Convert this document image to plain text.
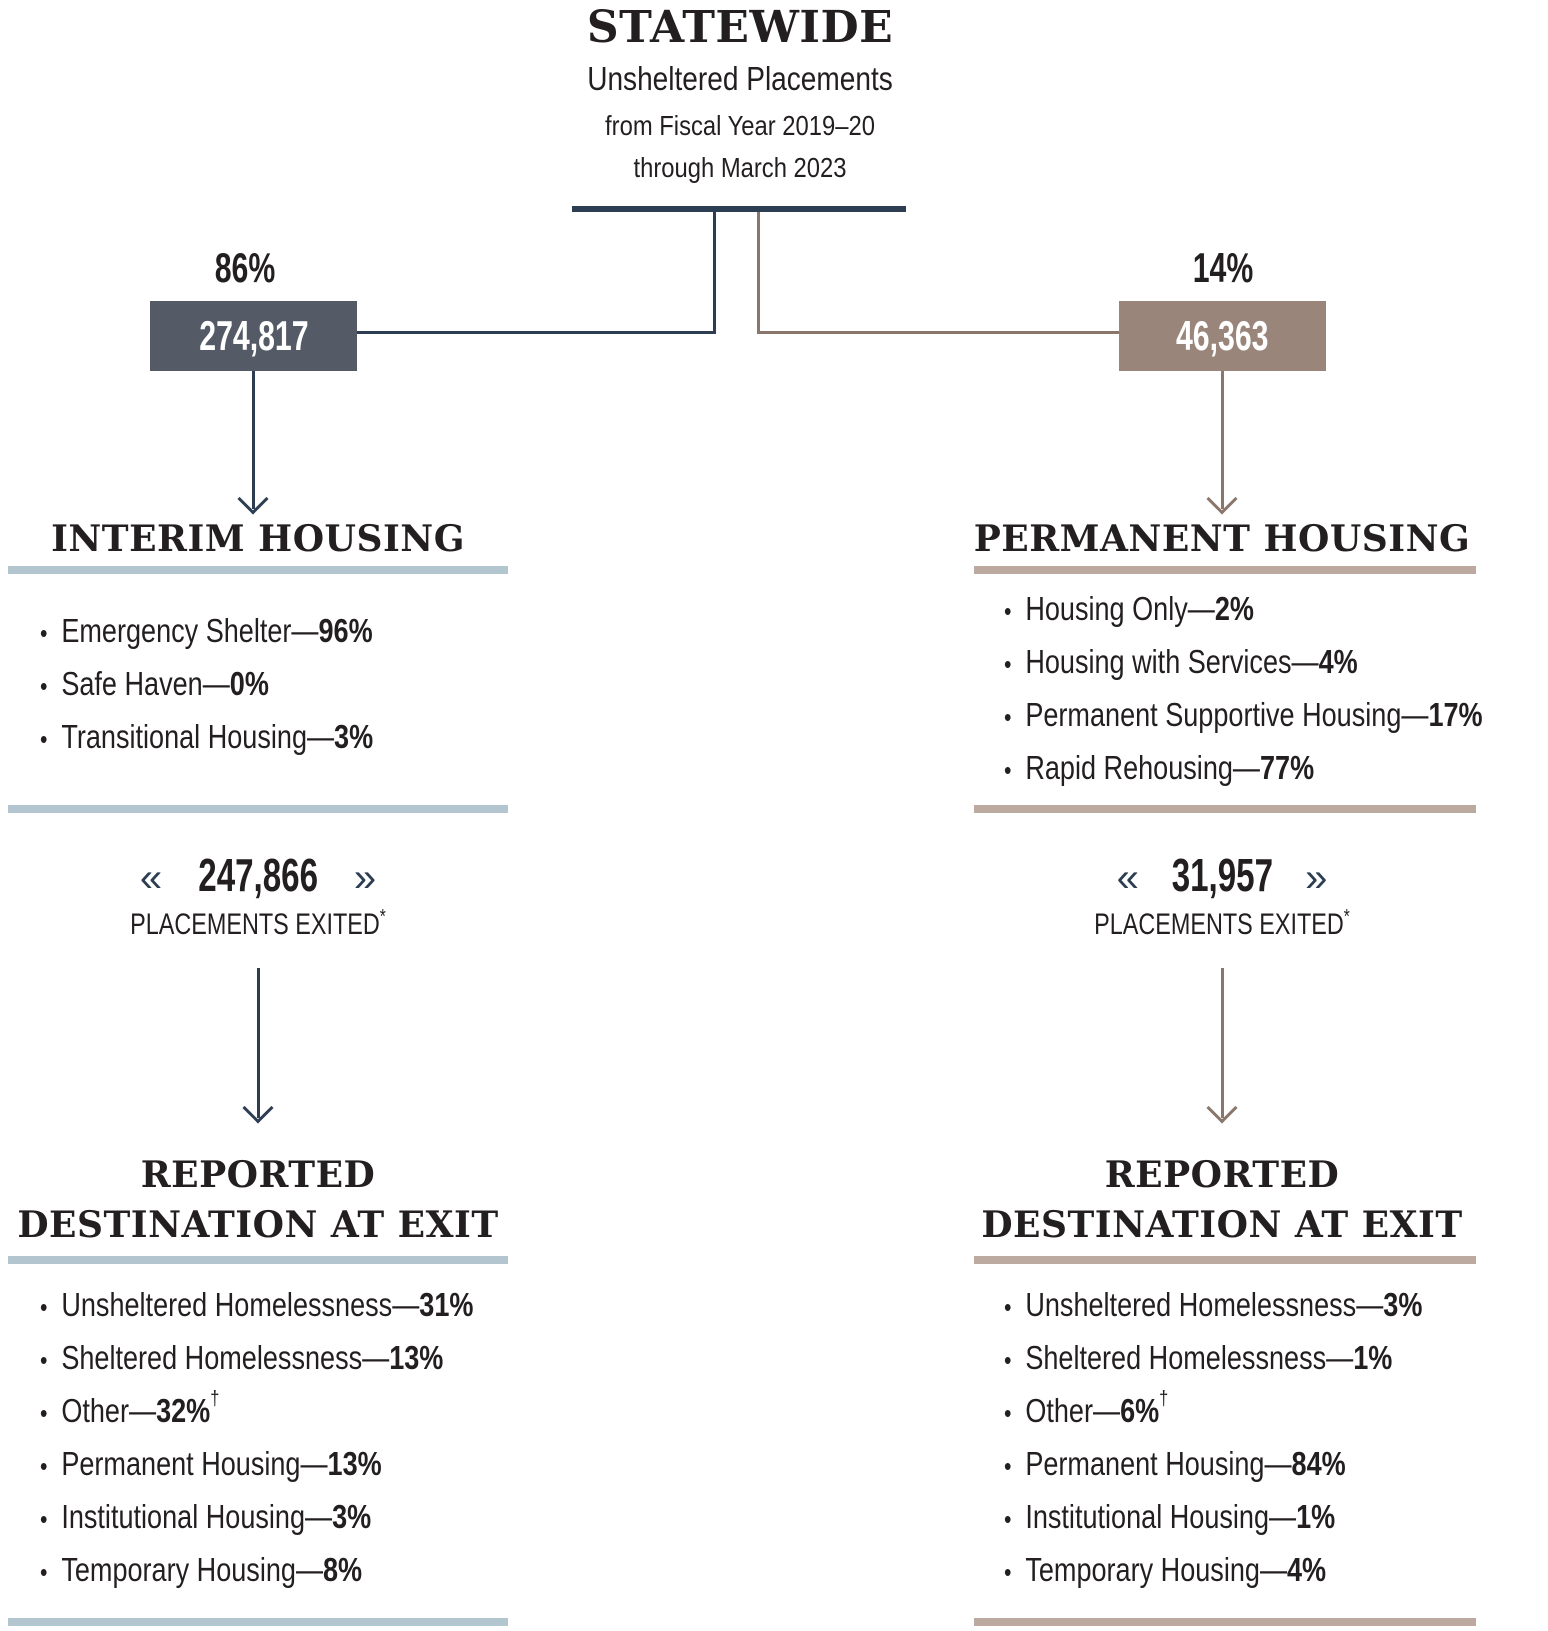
STATEWIDE
Unsheltered Placements
from Fiscal Year 2019–20
through March 2023
86%
274,817
INTERIM HOUSING
• Emergency Shelter—96%
• Safe Haven—0%
• Transitional Housing—3%
« 247,866 »
PLACEMENTS EXITED*
REPORTED
DESTINATION AT EXIT
• Unsheltered Homelessness—31%
• Sheltered Homelessness—13%
• Other—32%†
• Permanent Housing—13%
• Institutional Housing—3%
• Temporary Housing—8%
14%
46,363
PERMANENT HOUSING
• Housing Only—2%
• Housing with Services—4%
• Permanent Supportive Housing—17%
• Rapid Rehousing—77%
« 31,957 »
PLACEMENTS EXITED*
REPORTED
DESTINATION AT EXIT
• Unsheltered Homelessness—3%
• Sheltered Homelessness—1%
• Other—6%†
• Permanent Housing—84%
• Institutional Housing—1%
• Temporary Housing—4%
